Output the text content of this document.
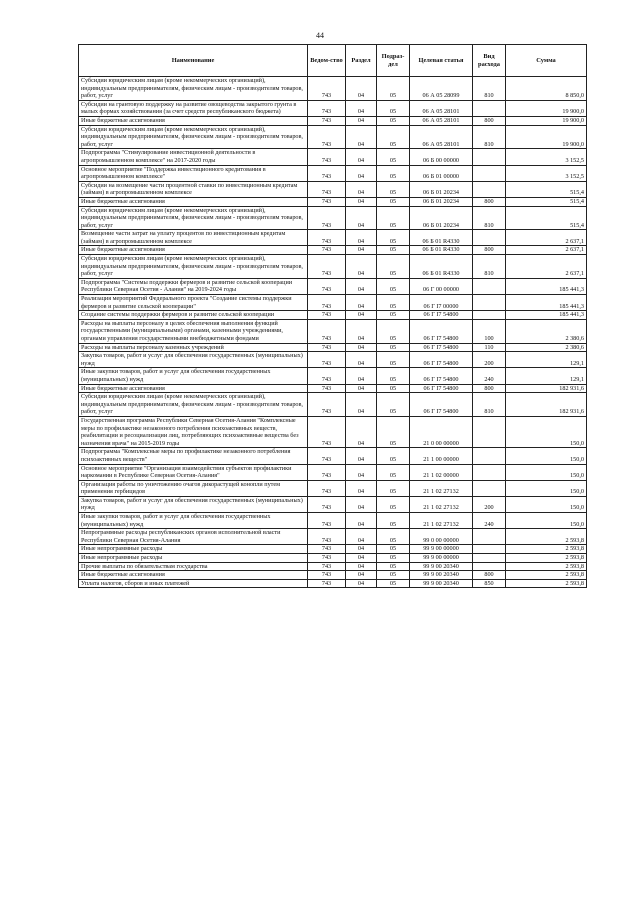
44
Наименование	Ведом-ство	Раздел	Подраз-дел	Целевая статья	Вид расхода	Сумма
Субсидии юридическим лицам (кроме некоммерческих организаций), индивидуальным предпринимателям, физическим лицам - производителям товаров, работ, услуг	743	04	05	06 А 05 28099	810	8 850,0
Субсидии на грантовую поддержку на развитие овощеводства закрытого грунта в малых формах хозяйствования (за счет средств республиканского бюджета)	743	04	05	06 А 05 28101		19 900,0
Иные бюджетные ассигнования	743	04	05	06 А 05 28101	800	19 900,0
Субсидии юридическим лицам (кроме некоммерческих организаций), индивидуальным предпринимателям, физическим лицам - производителям товаров, работ, услуг	743	04	05	06 А 05 28101	810	19 900,0
Подпрограмма "Стимулирование инвестиционной деятельности в агропромышленном комплексе" на 2017-2020 годы	743	04	05	06 Б 00 00000		3 152,5
Основное мероприятие "Поддержка инвестиционного кредитования в агропромышленном комплексе"	743	04	05	06 Б 01 00000		3 152,5
Субсидии на возмещение части процентной ставки по инвестиционным кредитам (займам) в агропромышленном комплексе	743	04	05	06 Б 01 20234		515,4
Иные бюджетные ассигнования	743	04	05	06 Б 01 20234	800	515,4
Субсидии юридическим лицам (кроме некоммерческих организаций), индивидуальным предпринимателям, физическим лицам - производителям товаров, работ, услуг	743	04	05	06 Б 01 20234	810	515,4
Возмещение части затрат на уплату процентов по инвестиционным кредитам (займам) в агропромышленном комплексе	743	04	05	06 Б 01 R4330		2 637,1
Иные бюджетные ассигнования	743	04	05	06 Б 01 R4330	800	2 637,1
Субсидии юридическим лицам (кроме некоммерческих организаций), индивидуальным предпринимателям, физическим лицам - производителям товаров, работ, услуг	743	04	05	06 Б 01 R4330	810	2 637,1
Подпрограмма "Системы поддержки фермеров и развитие сельской кооперации Республики Северная Осетия - Алания" на 2019-2024 годы	743	04	05	06 Г 00 00000		185 441,3
Реализация мероприятий Федерального проекта "Создание системы поддержки фермеров и развитие сельской кооперации"	743	04	05	06 Г I7 00000		185 441,3
Создание системы поддержки фермеров и развитие сельской кооперации	743	04	05	06 Г I7 54800		185 441,3
Расходы на выплаты персоналу в целях обеспечения выполнения функций государственными (муниципальными) органами, казенными учреждениями, органами управления государственными внебюджетными фондами	743	04	05	06 Г I7 54800	100	2 380,6
Расходы на выплаты персоналу казенных учреждений	743	04	05	06 Г I7 54800	110	2 380,6
Закупка товаров, работ и услуг для обеспечения государственных (муниципальных) нужд	743	04	05	06 Г I7 54800	200	129,1
Иные закупки товаров, работ и услуг для обеспечения государственных (муниципальных) нужд	743	04	05	06 Г I7 54800	240	129,1
Иные бюджетные ассигнования	743	04	05	06 Г I7 54800	800	182 931,6
Субсидии юридическим лицам (кроме некоммерческих организаций), индивидуальным предпринимателям, физическим лицам - производителям товаров, работ, услуг	743	04	05	06 Г I7 54800	810	182 931,6
Государственная программа Республики Северная Осетия-Алания "Комплексные меры по профилактике незаконного потребления психоактивных веществ, реабилитации и ресоциализации лиц, потребляющих психоактивные вещества без назначения врача" на 2015-2019 годы	743	04	05	21 0 00 00000		150,0
Подпрограмма "Комплексные меры по профилактике незаконного потребления психоактивных веществ"	743	04	05	21 1 00 00000		150,0
Основное мероприятие "Организация взаимодействия субъектов профилактики наркомании в Республике Северная Осетия-Алания"	743	04	05	21 1 02 00000		150,0
Организация работы по уничтожению очагов дикорастущей конопли путем применения гербицидов	743	04	05	21 1 02 27132		150,0
Закупка товаров, работ и услуг для обеспечения государственных (муниципальных) нужд	743	04	05	21 1 02 27132	200	150,0
Иные закупки товаров, работ и услуг для обеспечения государственных (муниципальных) нужд	743	04	05	21 1 02 27132	240	150,0
Непрограммные расходы республиканских органов исполнительной власти Республики Северная Осетия-Алания	743	04	05	99 0 00 00000		2 593,8
Иные непрограммные расходы	743	04	05	99 9 00 00000		2 593,8
Иные непрограммные расходы	743	04	05	99 9 00 00000		2 593,8
Прочие выплаты по обязательствам государства	743	04	05	99 9 00 20340		2 593,8
Иные бюджетные ассигнования	743	04	05	99 9 00 20340	800	2 593,8
Уплата налогов, сборов и иных платежей	743	04	05	99 9 00 20340	850	2 593,8
